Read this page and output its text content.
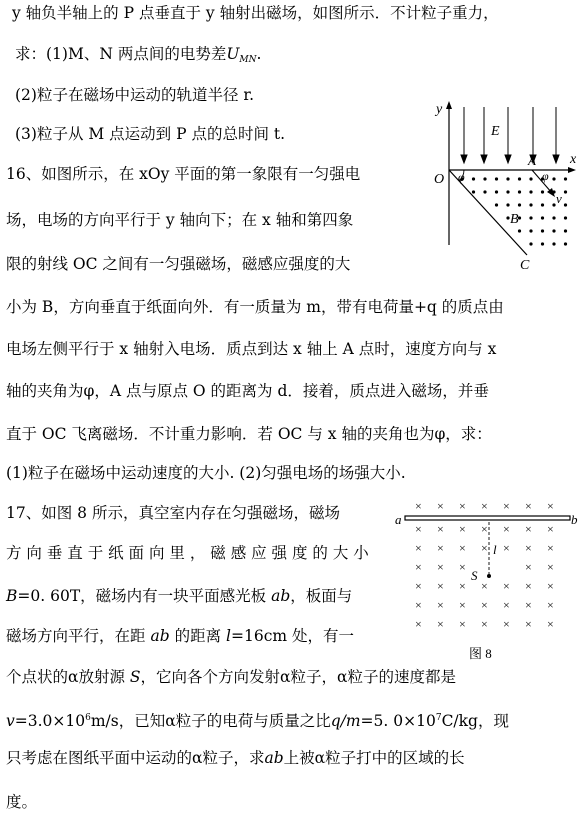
y 轴负半轴上的 P 点垂直于 y 轴射出磁场，如图所示．不计粒子重力，
求：(1)M、N 两点间的电势差$U_{MN}$.
(2)粒子在磁场中运动的轨道半径 r.
(3)粒子从 M 点运动到 P 点的总时间 t.
16、如图所示，在 xOy 平面的第一象限有一匀强电
场，电场的方向平行于 y 轴向下；在 x 轴和第四象
限的射线 OC 之间有一匀强磁场，磁感应强度的大
小为 B，方向垂直于纸面向外．有一质量为 m，带有电荷量+q 的质点由
电场左侧平行于 x 轴射入电场．质点到达 x 轴上 A 点时，速度方向与 x
轴的夹角为φ，A 点与原点 O 的距离为 d．接着，质点进入磁场，并垂
直于 OC 飞离磁场．不计重力影响．若 OC 与 x 轴的夹角也为φ，求：
(1)粒子在磁场中运动速度的大小. (2)匀强电场的场强大小.
y
x
E
O
A
C
B
φ	φ
v
17、如图 8 所示，真空室内存在匀强磁场，磁场
方 向 垂 直 于 纸 面 向 里 ， 磁 感 应 强 度 的 大 小
B=0. 60T，磁场内有一块平面感光板 ab，板面与
磁场方向平行，在距 ab 的距离 l=16cm 处，有一
个点状的α放射源 S，它向各个方向发射α粒子，α粒子的速度都是
$v=3.0\times 10^6m/s$，已知α粒子的电荷与质量之比q/m=5. $0\times 10^7C/kg$，现
只考虑在图纸平面中运动的α粒子，求ab上被α粒子打中的区域的长
度。
× × × × × × ×
× × × × × × ×
× × × × × × ×
× × ×	× ×
× × × × × × ×
× × × × × × ×
× × × × × × ×
a	b
l
S
图 8
